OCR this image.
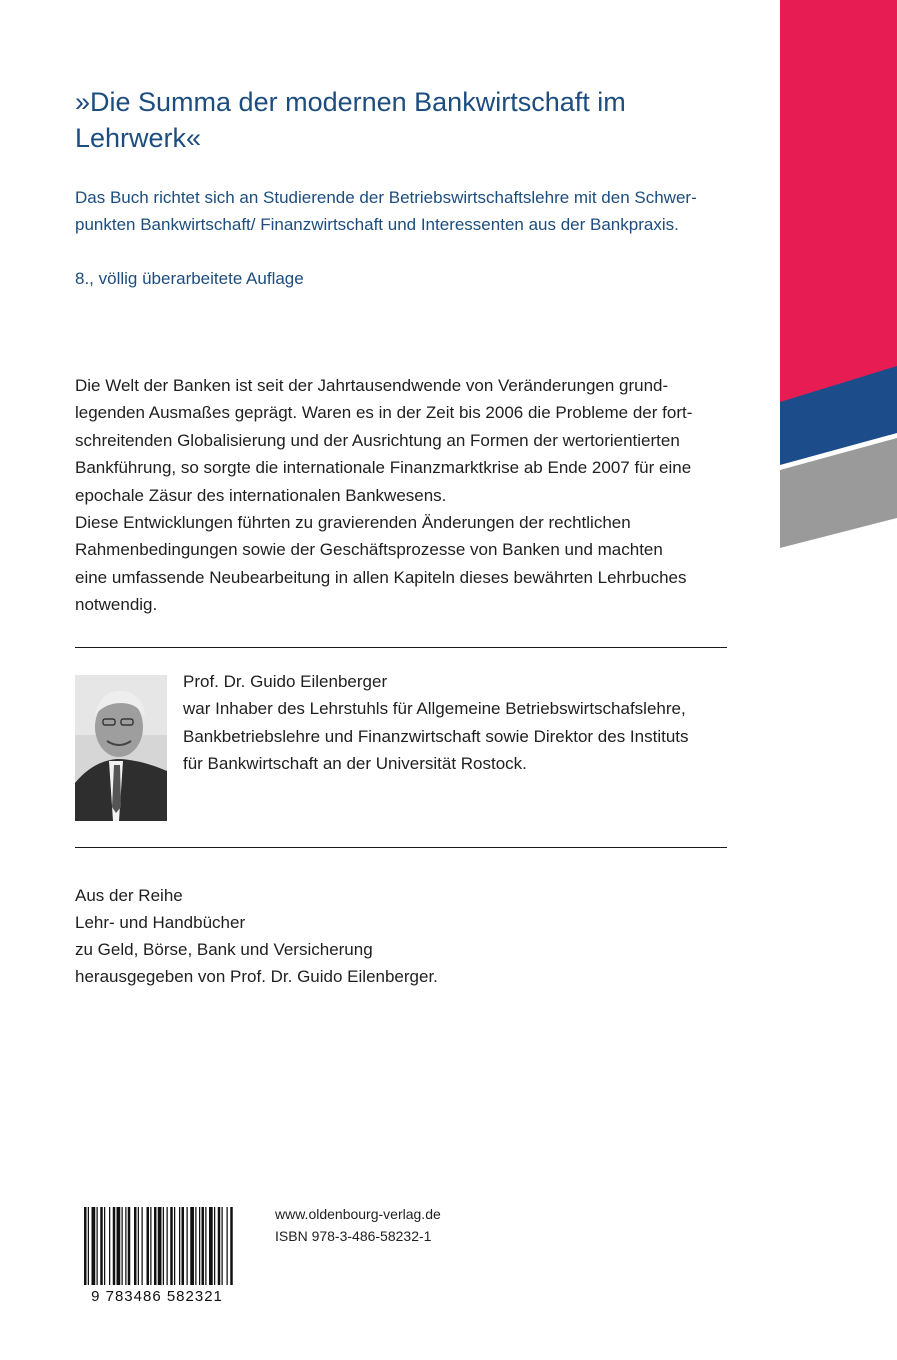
»Die Summa der modernen Bankwirtschaft im Lehrwerk«
Das Buch richtet sich an Studierende der Betriebswirtschaftslehre mit den Schwer-
punkten Bankwirtschaft/ Finanzwirtschaft und Interessenten aus der Bankpraxis.
8., völlig überarbeitete Auflage

Die Welt der Banken ist seit der Jahrtausendwende von Veränderungen grund-
legenden Ausmaßes geprägt. Waren es in der Zeit bis 2006 die Probleme der fort-
schreitenden Globalisierung und der Ausrichtung an Formen der wertorientierten
Bankführung, so sorgte die internationale Finanzmarktkrise ab Ende 2007 für eine
epochale Zäsur des internationalen Bankwesens.

Diese Entwicklungen führten zu gravierenden Änderungen der rechtlichen
Rahmenbedingungen sowie der Geschäftsprozesse von Banken und machten
eine umfassende Neubearbeitung in allen Kapiteln dieses bewährten Lehrbuches
notwendig.

Prof. Dr. Guido Eilenberger
war Inhaber des Lehrstuhls für Allgemeine Betriebswirtschafslehre,
Bankbetriebslehre und Finanzwirtschaft sowie Direktor des Instituts
für Bankwirtschaft an der Universität Rostock.
Aus der Reihe
Lehr- und Handbücher
zu Geld, Börse, Bank und Versicherung
herausgegeben von Prof. Dr. Guido Eilenberger.
9 783486 582321
www.oldenbourg-verlag.de
ISBN 978-3-486-58232-1
